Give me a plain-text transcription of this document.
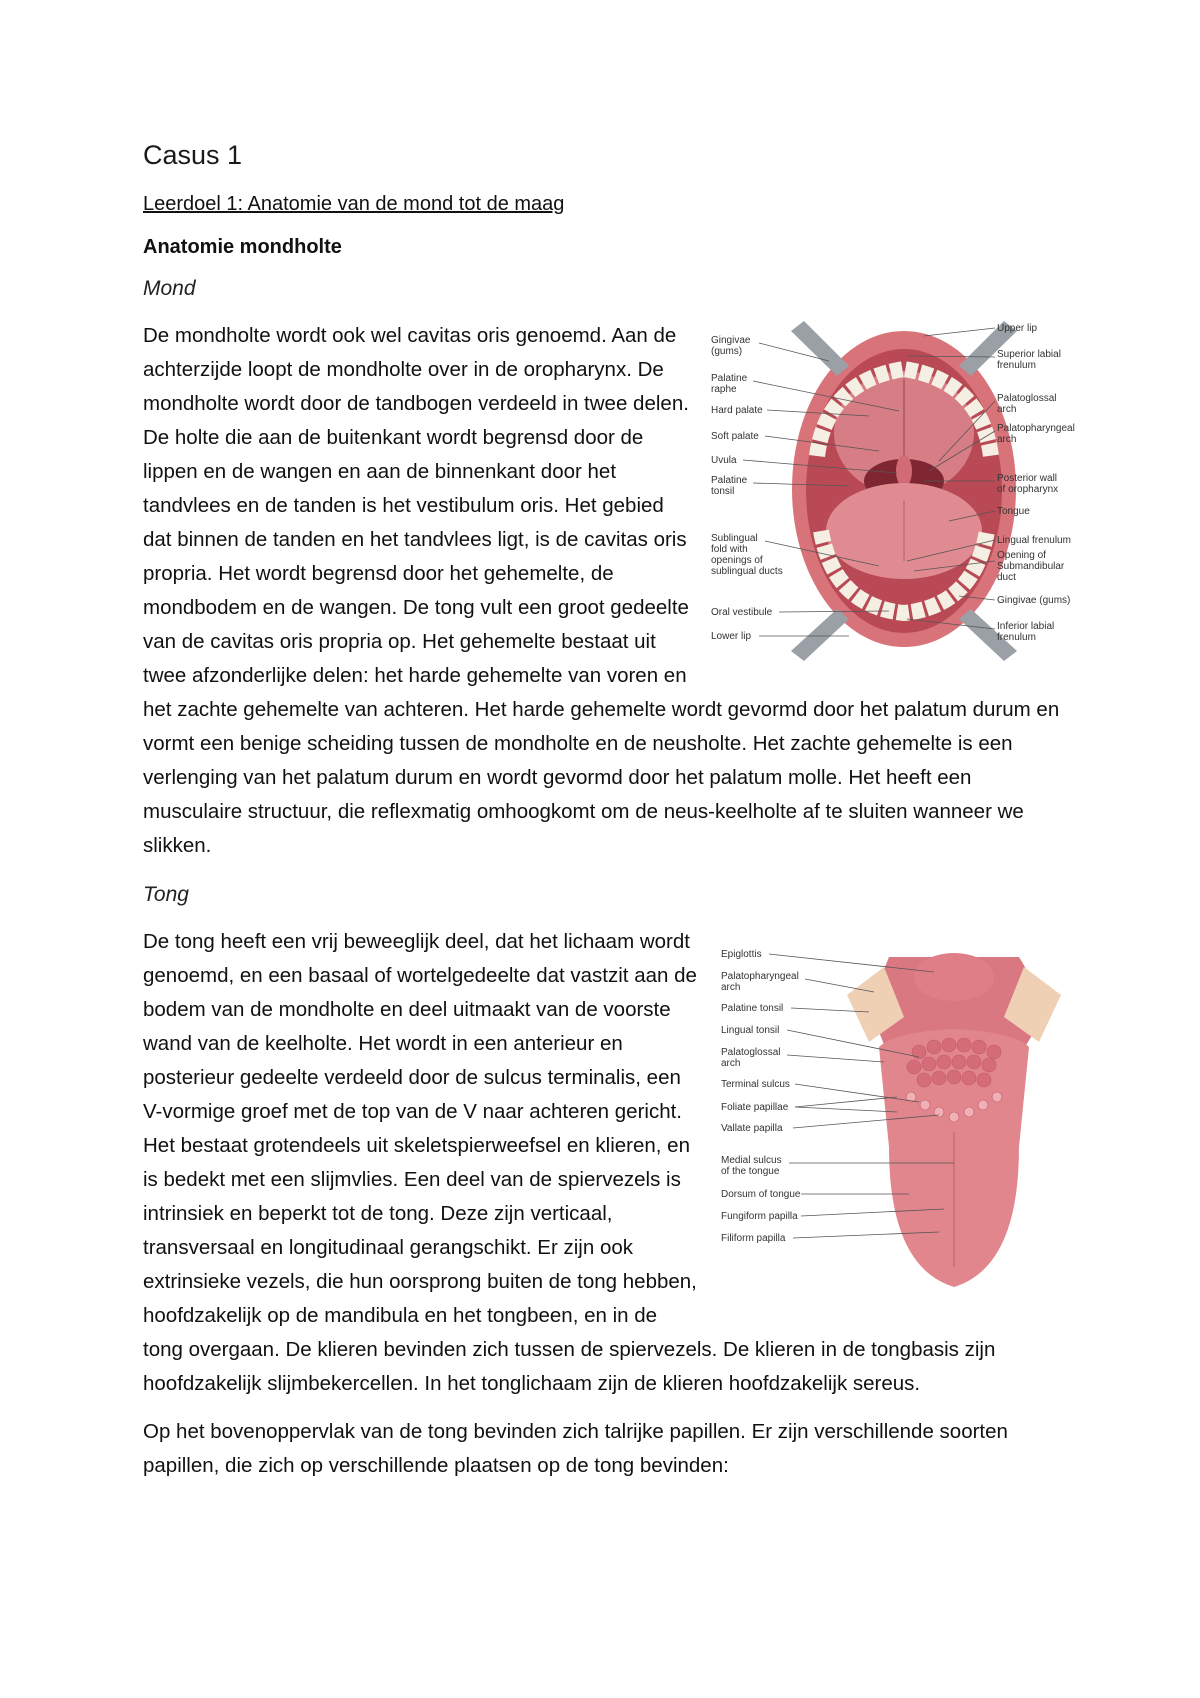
Casus 1
Leerdoel 1: Anatomie van de mond tot de maag
Anatomie mondholte
Mond
Gingivae
(gums)
Palatine
raphe
Hard palate
Soft palate
Uvula
Palatine
tonsil
Sublingual
fold with
openings of
sublingual ducts
Oral vestibule
Lower lip
Upper lip
Superior labial
frenulum
Palatoglossal
arch
Palatopharyngeal
arch
Posterior wall
of oropharynx
Tongue
Lingual frenulum
Opening of
Submandibular
duct
Gingivae (gums)
Inferior labial
frenulum

De mondholte wordt ook wel cavitas oris genoemd. Aan de achterzijde loopt de mondholte over in de oropharynx. De mondholte wordt door de tandbogen verdeeld in twee delen. De holte die aan de buitenkant wordt begrensd door de lippen en de wangen en aan de binnenkant door het tandvlees en de tanden is het vestibulum oris. Het gebied dat binnen de tanden en het tandvlees ligt, is de cavitas oris propria. Het wordt begrensd door het gehemelte, de mondbodem en de wangen. De tong vult een groot gedeelte van de cavitas oris propria op. Het gehemelte bestaat uit twee afzonderlijke delen: het harde gehemelte van voren en het zachte gehemelte van achteren. Het harde gehemelte wordt gevormd door het palatum durum en vormt een benige scheiding tussen de mondholte en de neusholte. Het zachte gehemelte is een verlenging van het palatum durum en wordt gevormd door het palatum molle. Het heeft een musculaire structuur, die reflexmatig omhoogkomt om de neus-keelholte af te sluiten wanneer we slikken.

Tong
Epiglottis
Palatopharyngeal
arch
Palatine tonsil
Lingual tonsil
Palatoglossal
arch
Terminal sulcus
Foliate papillae
Vallate papilla
Medial sulcus
of the tongue
Dorsum of tongue
Fungiform papilla
Filiform papilla

De tong heeft een vrij beweeglijk deel, dat het lichaam wordt genoemd, en een basaal of wortelgedeelte dat vastzit aan de bodem van de mondholte en deel uitmaakt van de voorste wand van de keelholte. Het wordt in een anterieur en posterieur gedeelte verdeeld door de sulcus terminalis, een V-vormige groef met de top van de V naar achteren gericht. Het bestaat grotendeels uit skeletspierweefsel en klieren, en is bedekt met een slijmvlies. Een deel van de spiervezels is intrinsiek en beperkt tot de tong. Deze zijn verticaal, transversaal en longitudinaal gerangschikt. Er zijn ook extrinsieke vezels, die hun oorsprong buiten de tong hebben, hoofdzakelijk op de mandibula en het tongbeen, en in de tong overgaan. De klieren bevinden zich tussen de spiervezels. De klieren in de tongbasis zijn hoofdzakelijk slijmbekercellen. In het tonglichaam zijn de klieren hoofdzakelijk sereus.

Op het bovenoppervlak van de tong bevinden zich talrijke papillen. Er zijn verschillende soorten papillen, die zich op verschillende plaatsen op de tong bevinden:
